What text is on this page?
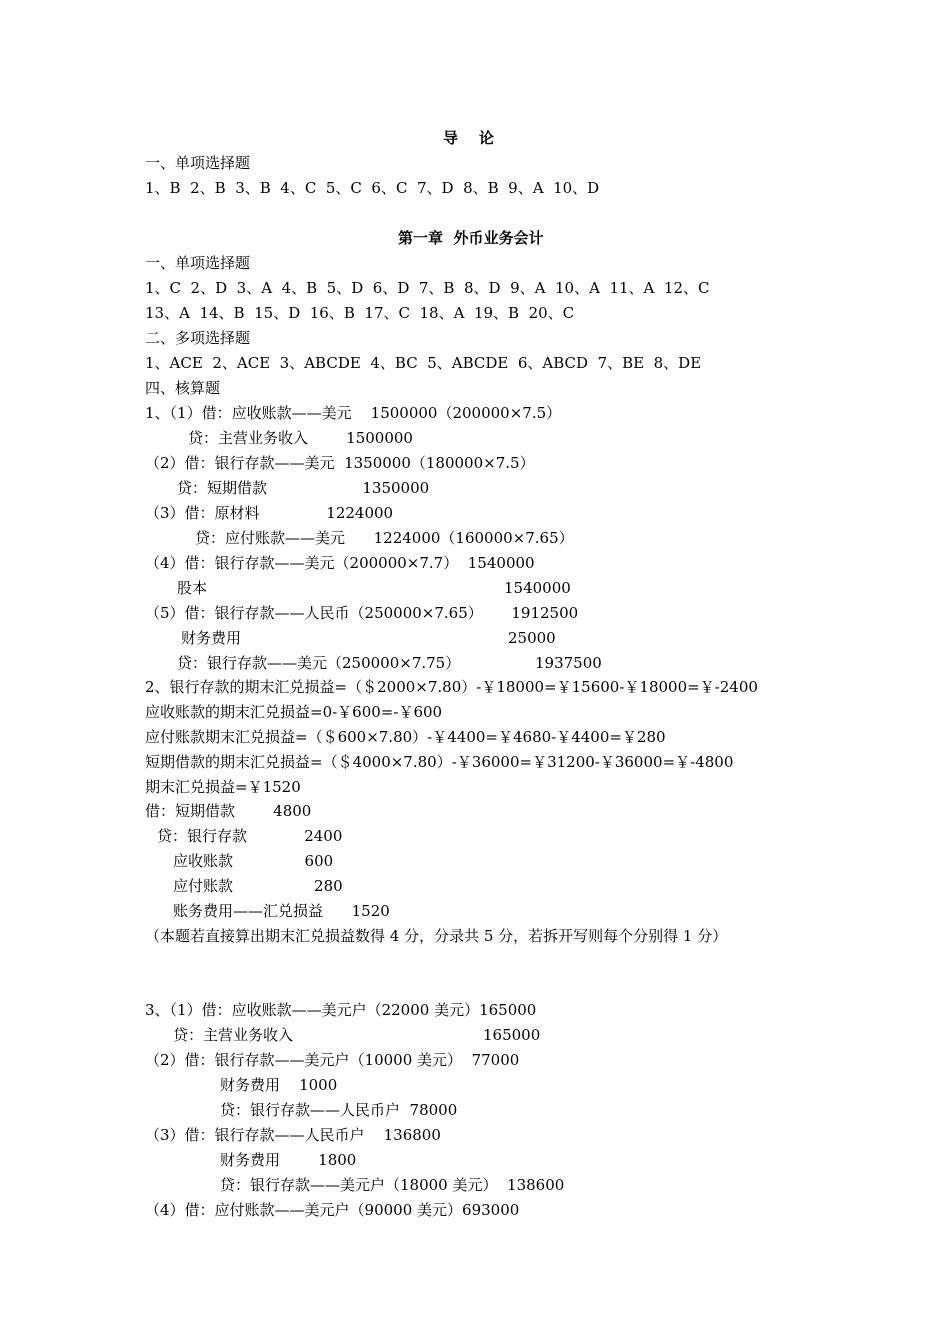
导    论
一、单项选择题
1、B  2、B  3、B  4、C  5、C  6、C  7、D  8、B  9、A  10、D
第一章  外币业务会计
一、单项选择题
1、C  2、D  3、A  4、B  5、D  6、D  7、B  8、D  9、A  10、A  11、A  12、C
13、A  14、B  15、D  16、B  17、C  18、A  19、B  20、C
二、多项选择题
1、ACE  2、ACE  3、ABCDE  4、BC  5、ABCDE  6、ABCD  7、BE  8、DE
四、核算题
1、（1）借：应收账款——美元    1500000（200000×7.5）
贷：主营业务收入        1500000
（2）借：银行存款——美元  1350000（180000×7.5）
贷：短期借款                    1350000
（3）借：原材料              1224000
贷：应付账款——美元      1224000（160000×7.65）
（4）借：银行存款——美元（200000×7.7）  1540000
股本	1540000
（5）借：银行存款——人民币（250000×7.65）      1912500
财务费用	25000
贷：银行存款——美元（250000×7.75）	1937500
2、银行存款的期末汇兑损益=（＄2000×7.80）-￥18000=￥15600-￥18000=￥-2400
应收账款的期末汇兑损益=0-￥600=-￥600
应付账款期末汇兑损益=（＄600×7.80）-￥4400=￥4680-￥4400=￥280
短期借款的期末汇兑损益=（＄4000×7.80）-￥36000=￥31200-￥36000=￥-4800
期末汇兑损益=￥1520
借：短期借款        4800
贷：银行存款            2400
应收账款               600
应付账款                 280
账务费用——汇兑损益      1520
（本题若直接算出期末汇兑损益数得 4 分，分录共 5 分，若拆开写则每个分别得 1 分）
3、（1）借：应收账款——美元户（22000 美元）165000
贷：主营业务收入	165000
（2）借：银行存款——美元户（10000 美元）  77000
财务费用    1000
贷：银行存款——人民币户  78000
（3）借：银行存款——人民币户    136800
财务费用        1800
贷：银行存款——美元户（18000 美元）  138600
（4）借：应付账款——美元户（90000 美元）693000
